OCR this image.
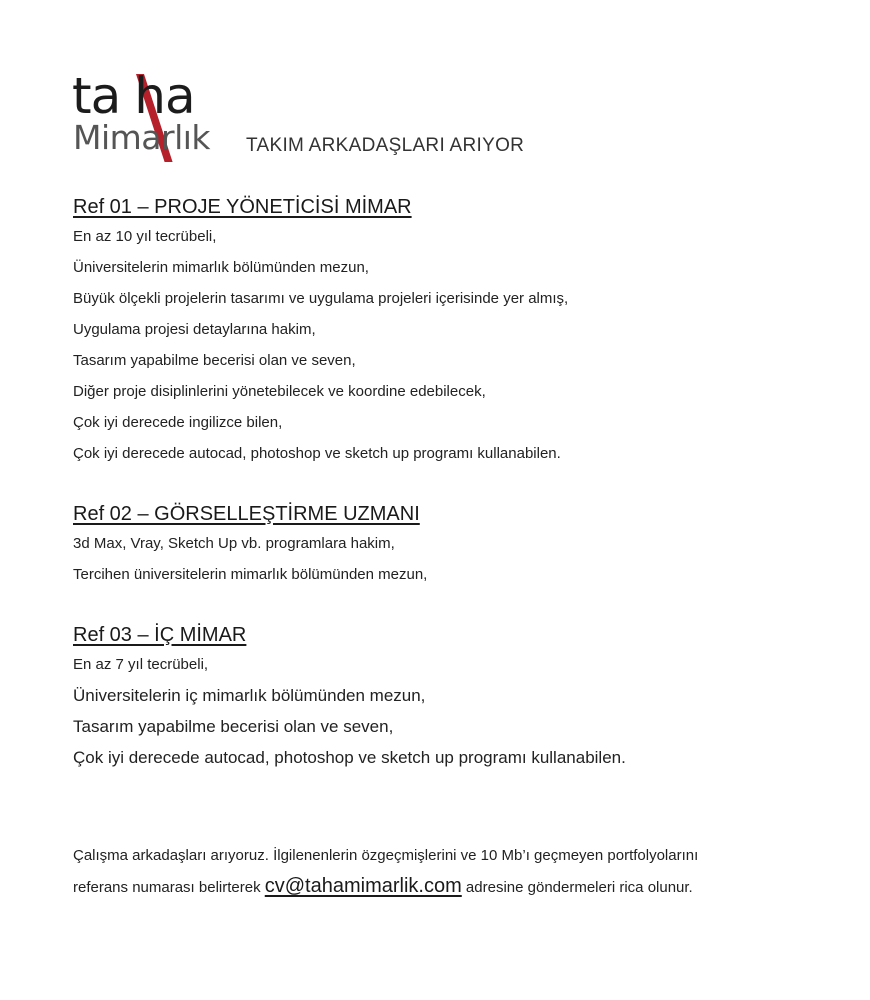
ta ha
Mimarlık TAKIM ARKADAŞLARI ARIYOR
Ref 01 – PROJE YÖNETİCİSİ MİMAR
En az 10 yıl tecrübeli,
Üniversitelerin mimarlık bölümünden mezun,
Büyük ölçekli projelerin tasarımı ve uygulama projeleri içerisinde yer almış,
Uygulama projesi detaylarına hakim,
Tasarım yapabilme becerisi olan ve seven,
Diğer proje disiplinlerini yönetebilecek ve koordine edebilecek,
Çok iyi derecede ingilizce bilen,
Çok iyi derecede autocad, photoshop ve sketch up programı kullanabilen.
Ref 02 – GÖRSELLEŞTİRME UZMANI
3d Max, Vray, Sketch Up vb. programlara hakim,
Tercihen üniversitelerin mimarlık bölümünden mezun,
Ref 03 – İÇ MİMAR
En az 7 yıl tecrübeli,
Üniversitelerin iç mimarlık bölümünden mezun,
Tasarım yapabilme becerisi olan ve seven,
Çok iyi derecede autocad, photoshop ve sketch up programı kullanabilen.

Çalışma arkadaşları arıyoruz. İlgilenenlerin özgeçmişlerini ve 10 Mb’ı geçmeyen portfolyolarını

referans numarası belirterek cv@tahamimarlik.com adresine göndermeleri rica olunur.
